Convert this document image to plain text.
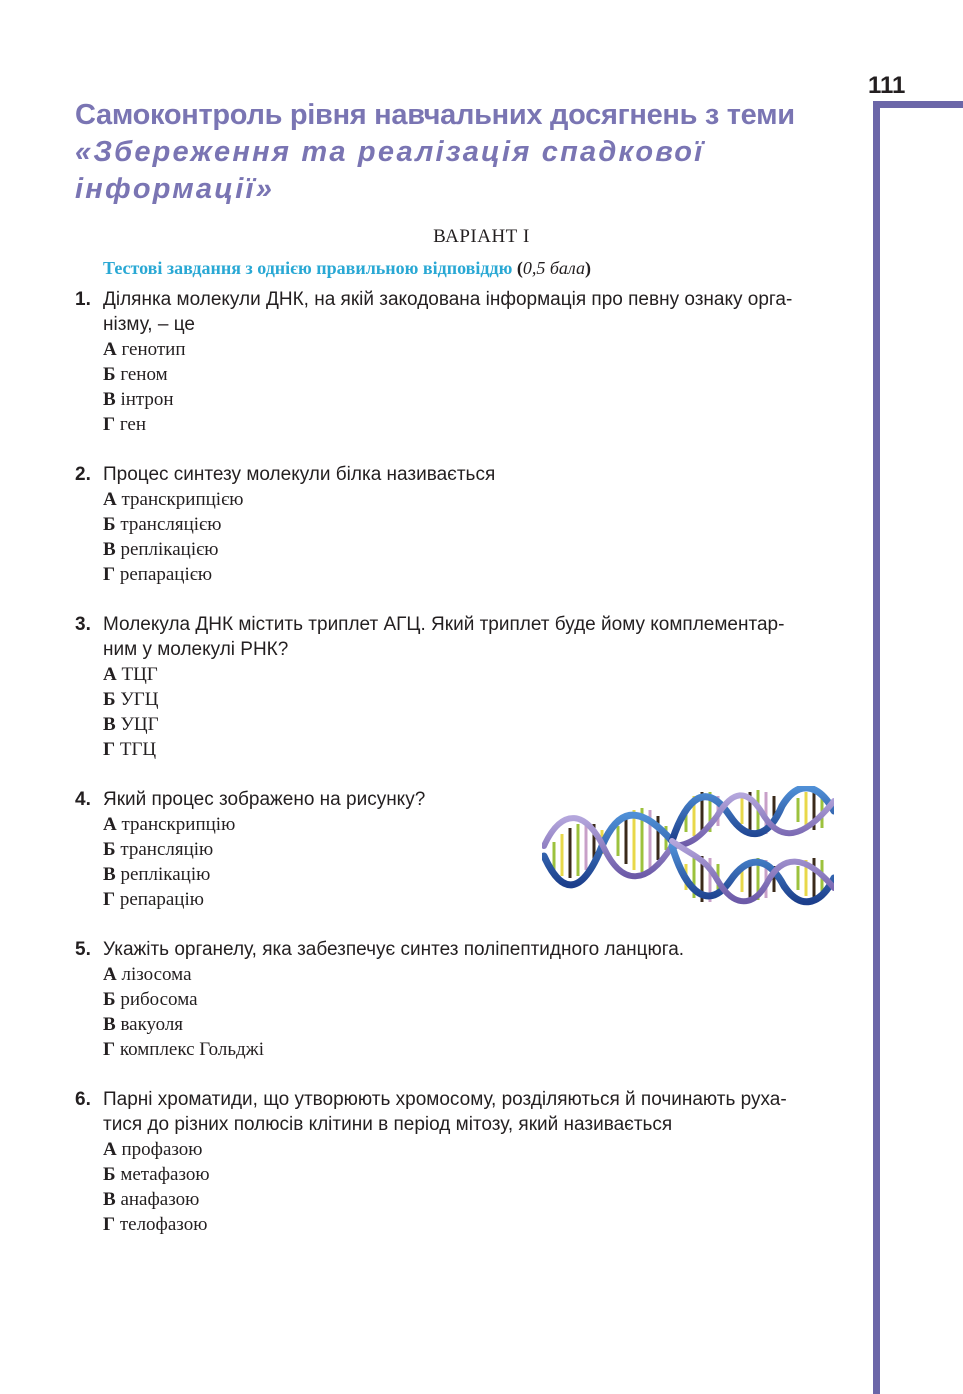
111
Самоконтроль рівня навчальних досягнень з теми
«Збереження та реалізація спадкової
інформації»
ВАРІАНТ І
Тестові завдання з однією правильною відповіддю (0,5 бала)
1. Ділянка молекули ДНК, на якій закодована інформація про певну ознаку орга-
нізму, – це
А генотип
Б геном
В інтрон
Г ген
2. Процес синтезу молекули білка називається
А транскрипцією
Б трансляцією
В реплікацією
Г репарацією
3. Молекула ДНК містить триплет АГЦ. Який триплет буде йому комплементар-
ним у молекулі РНК?
А ТЦГ
Б УГЦ
В УЦГ
Г ТГЦ
4. Який процес зображено на рисунку?
А транскрипцію
Б трансляцію
В реплікацію
Г репарацію
5. Укажіть органелу, яка забезпечує синтез поліпептидного ланцюга.
А лізосома
Б рибосома
В вакуоля
Г комплекс Гольджі
6. Парні хроматиди, що утворюють хромосому, розділяються й починають руха-
тися до різних полюсів клітини в період мітозу, який називається
А профазою
Б метафазою
В анафазою
Г телофазою
